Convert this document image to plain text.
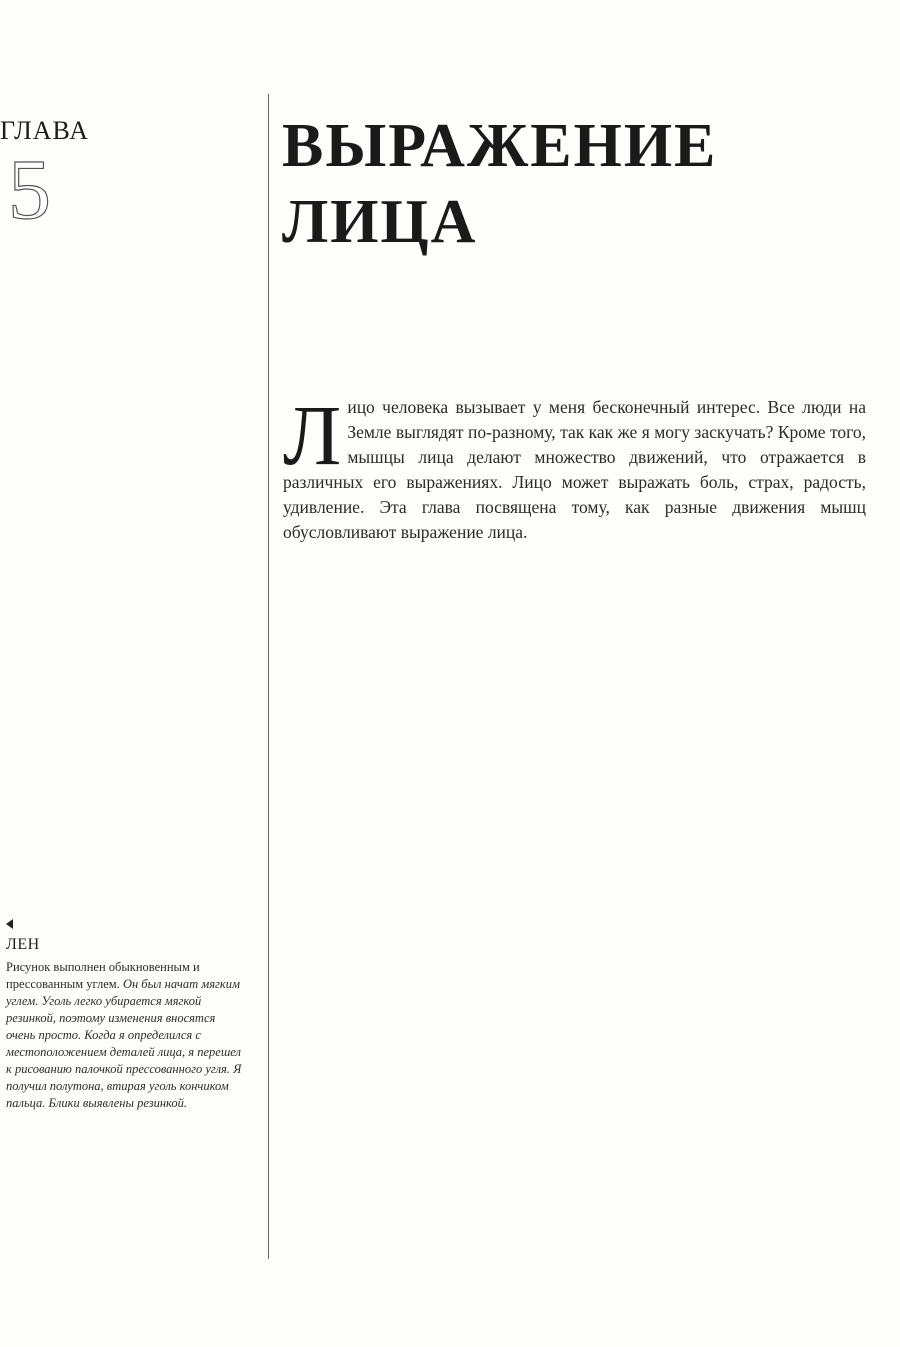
ГЛАВА
5	ВЫРАЖЕНИЕ
ЛИЦА

Л ицо человека вызывает у меня бесконечный интерес. Все люди на Земле выглядят по-разному, так как же я могу заскучать? Кроме того, мышцы лица делают множество движений, что отражается в различных его выражениях. Лицо может выражать боль, страх, радость, удивление. Эта глава посвящена тому, как разные движения мышц обусловливают выражение лица.

ЛЕН

Рисунок выполнен обыкновенным и прессованным углем. Он был начат мягким углем. Уголь легко убирается мягкой резинкой, поэтому изменения вносятся очень просто. Когда я определился с местоположением деталей лица, я перешел к рисованию палочкой прессованного угля. Я получил полутона, втирая уголь кончиком пальца. Блики выявлены резинкой.
